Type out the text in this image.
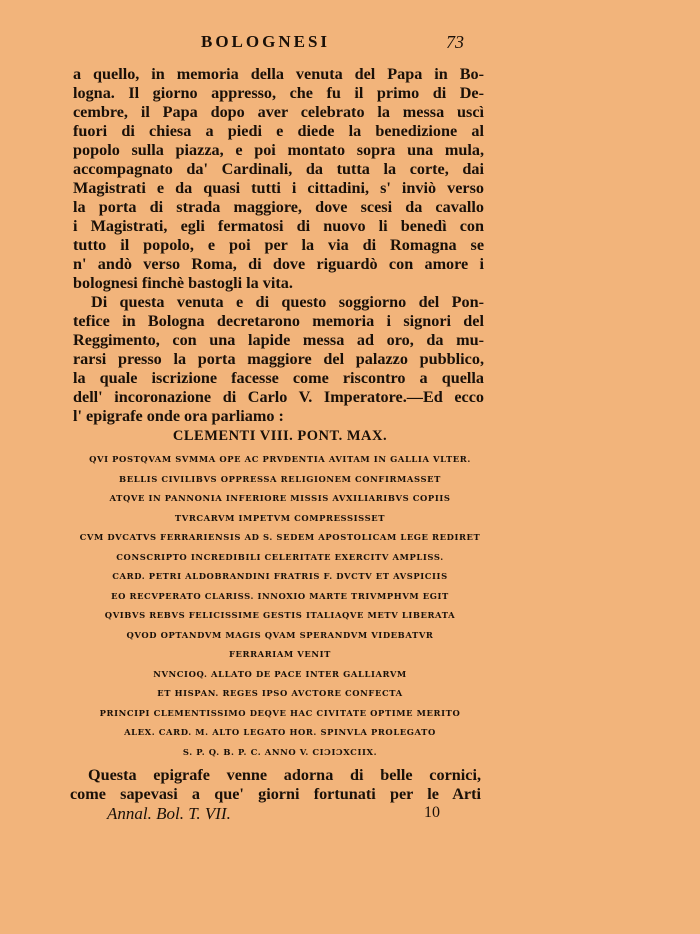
BOLOGNESI	73
a quello, in memoria della venuta del Papa in Bo-
logna. Il giorno appresso, che fu il primo di De-
cembre, il Papa dopo aver celebrato la messa uscì
fuori di chiesa a piedi e diede la benedizione al
popolo sulla piazza, e poi montato sopra una mula,
accompagnato da' Cardinali, da tutta la corte, dai
Magistrati e da quasi tutti i cittadini, s' inviò verso
la porta di strada maggiore, dove scesi da cavallo
i Magistrati, egli fermatosi di nuovo li benedì con
tutto il popolo, e poi per la via di Romagna se
n' andò verso Roma, di dove riguardò con amore i
bolognesi finchè bastogli la vita.
Di questa venuta e di questo soggiorno del Pon-
tefice in Bologna decretarono memoria i signori del
Reggimento, con una lapide messa ad oro, da mu-
rarsi presso la porta maggiore del palazzo pubblico,
la quale iscrizione facesse come riscontro a quella
dell' incoronazione di Carlo V. Imperatore.—Ed ecco
l' epigrafe onde ora parliamo :
CLEMENTI VIII. PONT. MAX.
QVI POSTQVAM SVMMA OPE AC PRVDENTIA AVITAM IN GALLIA VLTER.
BELLIS CIVILIBVS OPPRESSA RELIGIONEM CONFIRMASSET
ATQVE IN PANNONIA INFERIORE MISSIS AVXILIARIBVS COPIIS
TVRCARVM IMPETVM COMPRESSISSET
CVM DVCATVS FERRARIENSIS AD S. SEDEM APOSTOLICAM LEGE REDIRET
CONSCRIPTO INCREDIBILI CELERITATE EXERCITV AMPLISS.
CARD. PETRI ALDOBRANDINI FRATRIS F. DVCTV ET AVSPICIIS
EO RECVPERATO CLARISS. INNOXIO MARTE TRIVMPHVM EGIT
QVIBVS REBVS FELICISSIME GESTIS ITALIAQVE METV LIBERATA
QVOD OPTANDVM MAGIS QVAM SPERANDVM VIDEBATVR
FERRARIAM VENIT
NVNCIOQ. ALLATO DE PACE INTER GALLIARVM
ET HISPAN. REGES IPSO AVCTORE CONFECTA
PRINCIPI CLEMENTISSIMO DEQVE HAC CIVITATE OPTIME MERITO
ALEX. CARD. M. ALTO LEGATO HOR. SPINVLA PROLEGATO
S. P. Q. B. P. C. ANNO V. CIƆIƆXCIIX.
Questa epigrafe venne adorna di belle cornici,
come sapevasi a que' giorni fortunati per le Arti
Annal. Bol. T. VII.	10
